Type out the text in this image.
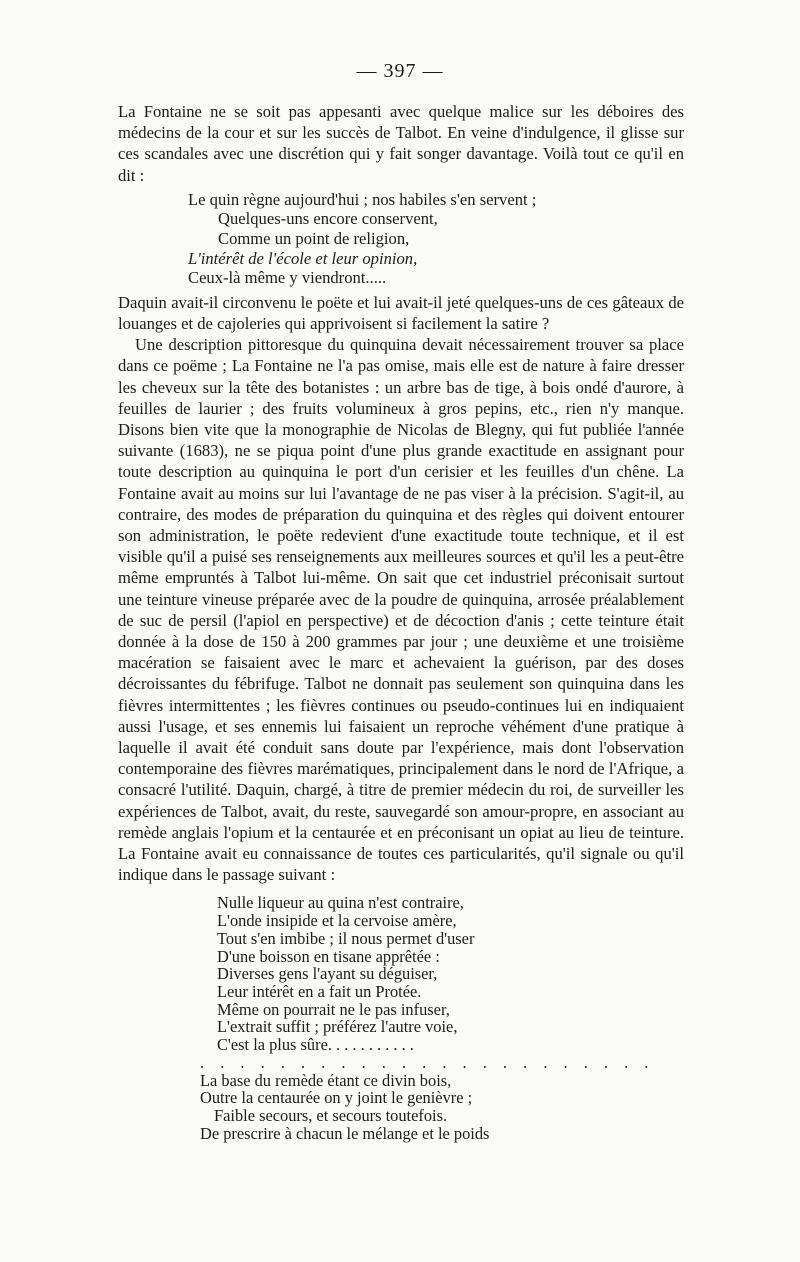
— 397 —

La Fontaine ne se soit pas appesanti avec quelque malice sur les déboires des médecins de la cour et sur les succès de Talbot. En veine d'indulgence, il glisse sur ces scandales avec une discrétion qui y fait songer davantage. Voilà tout ce qu'il en dit :

Le quin règne aujourd'hui ; nos habiles s'en servent ;

Quelques-uns encore conservent,

Comme un point de religion,

L'intérêt de l'école et leur opinion,

Ceux-là même y viendront.....

Daquin avait-il circonvenu le poëte et lui avait-il jeté quelques-uns de ces gâteaux de louanges et de cajoleries qui apprivoisent si facilement la satire ?

Une description pittoresque du quinquina devait nécessairement trouver sa place dans ce poëme ; La Fontaine ne l'a pas omise, mais elle est de nature à faire dresser les cheveux sur la tête des botanistes : un arbre bas de tige, à bois ondé d'aurore, à feuilles de laurier ; des fruits volumineux à gros pepins, etc., rien n'y manque. Disons bien vite que la monographie de Nicolas de Blegny, qui fut publiée l'année suivante (1683), ne se piqua point d'une plus grande exactitude en assignant pour toute description au quinquina le port d'un cerisier et les feuilles d'un chêne. La Fontaine avait au moins sur lui l'avantage de ne pas viser à la précision. S'agit-il, au contraire, des modes de préparation du quinquina et des règles qui doivent entourer son administration, le poëte redevient d'une exactitude toute technique, et il est visible qu'il a puisé ses renseignements aux meilleures sources et qu'il les a peut-être même empruntés à Talbot lui-même. On sait que cet industriel préconisait surtout une teinture vineuse préparée avec de la poudre de quinquina, arrosée préalablement de suc de persil (l'apiol en perspective) et de décoction d'anis ; cette teinture était donnée à la dose de 150 à 200 grammes par jour ; une deuxième et une troisième macération se faisaient avec le marc et achevaient la guérison, par des doses décroissantes du fébrifuge. Talbot ne donnait pas seulement son quinquina dans les fièvres intermittentes ; les fièvres continues ou pseudo-continues lui en indiquaient aussi l'usage, et ses ennemis lui faisaient un reproche véhément d'une pratique à laquelle il avait été conduit sans doute par l'expérience, mais dont l'observation contemporaine des fièvres marématiques, principalement dans le nord de l'Afrique, a consacré l'utilité. Daquin, chargé, à titre de premier médecin du roi, de surveiller les expériences de Talbot, avait, du reste, sauvegardé son amour-propre, en associant au remède anglais l'opium et la centaurée et en préconisant un opiat au lieu de teinture. La Fontaine avait eu connaissance de toutes ces particularités, qu'il signale ou qu'il indique dans le passage suivant :

Nulle liqueur au quina n'est contraire,

L'onde insipide et la cervoise amère,

Tout s'en imbibe ; il nous permet d'user

D'une boisson en tisane apprêtée :

Diverses gens l'ayant su déguiser,

Leur intérêt en a fait un Protée.

Même on pourrait ne le pas infuser,

L'extrait suffit ; préférez l'autre voie,

C'est la plus sûre. . . . . . . . . . .

. . . . . . . . . . . . . . . . . . . . . . .

La base du remède étant ce divin bois,

Outre la centaurée on y joint le genièvre ;

Faible secours, et secours toutefois.

De prescrire à chacun le mélange et le poids
